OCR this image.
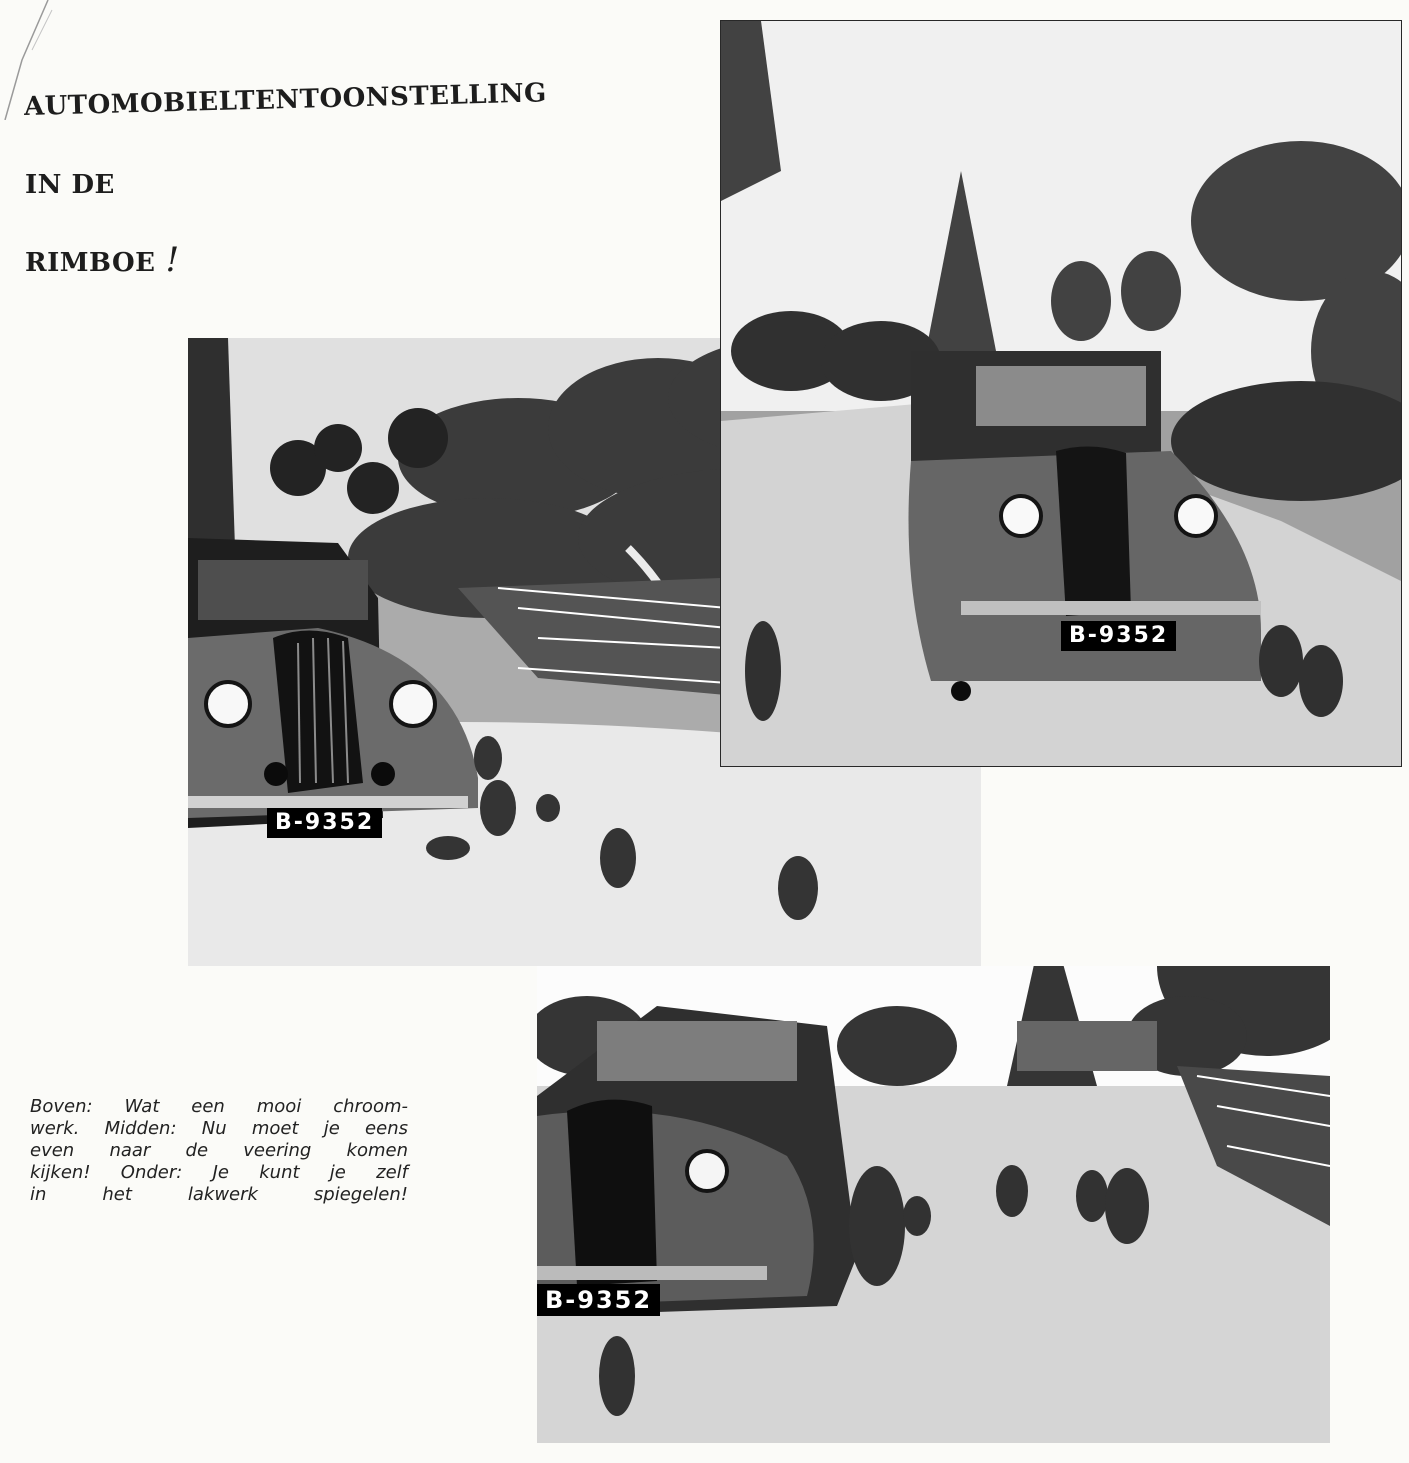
AUTOMOBIELTENTOONSTELLING
IN DE
RIMBOE !
B-9352
B-9352
B-9352

Boven: Wat een mooi chroom-
werk. Midden: Nu moet je eens
even naar de veering komen
kijken! Onder: Je kunt je zelf
in het lakwerk spiegelen!
